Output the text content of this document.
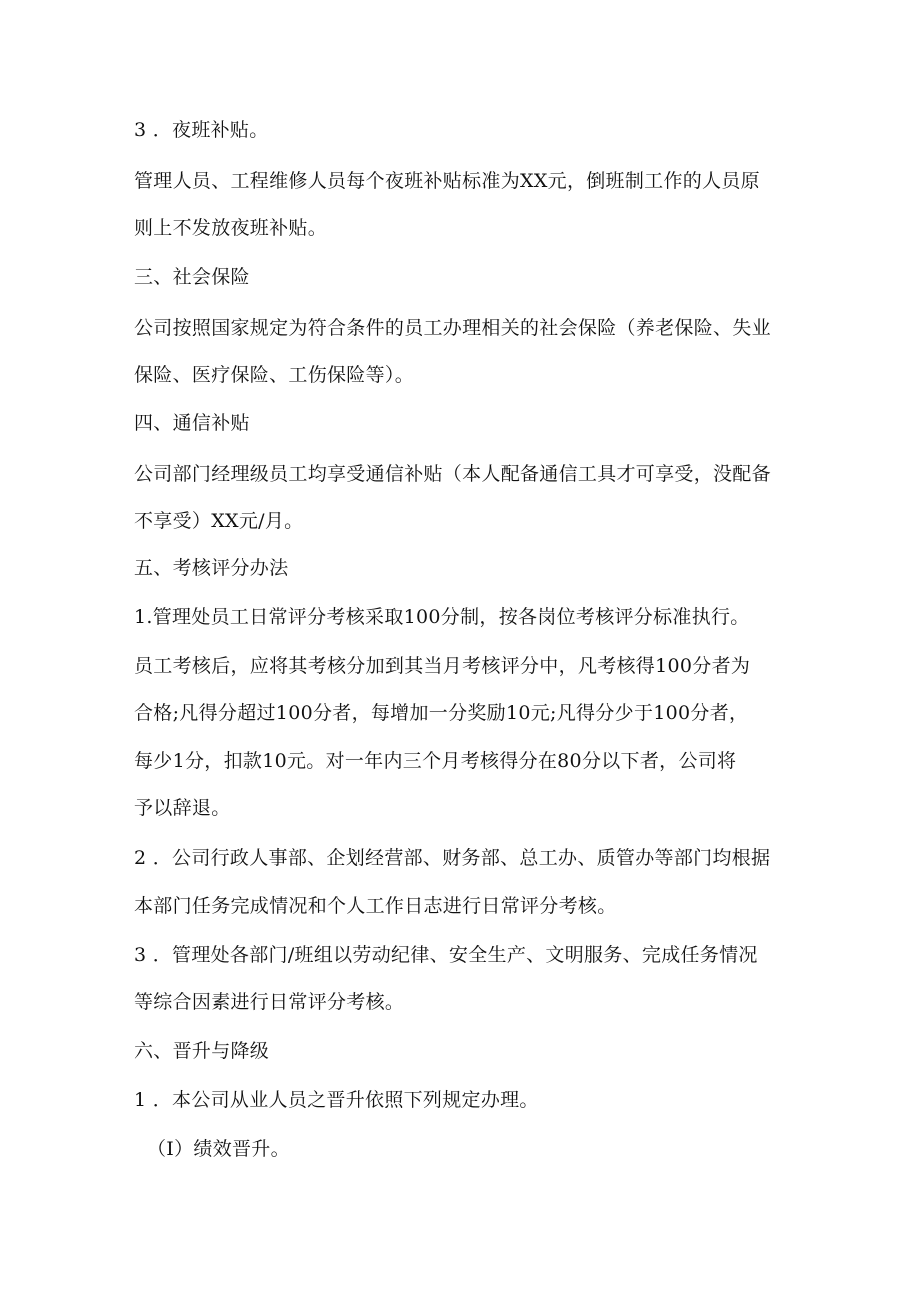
3 ．夜班补贴。
管理人员、工程维修人员每个夜班补贴标准为XX元，倒班制工作的人员原
则上不发放夜班补贴。
三、社会保险
公司按照国家规定为符合条件的员工办理相关的社会保险（养老保险、失业
保险、医疗保险、工伤保险等）。
四、通信补贴
公司部门经理级员工均享受通信补贴（本人配备通信工具才可享受，没配备
不享受）XX元/月。
五、考核评分办法
1.管理处员工日常评分考核采取100分制，按各岗位考核评分标准执行。
员工考核后，应将其考核分加到其当月考核评分中，凡考核得100分者为
合格;凡得分超过100分者，每增加一分奖励10元;凡得分少于100分者，
每少1分，扣款10元。对一年内三个月考核得分在80分以下者，公司将
予以辞退。
2 ．公司行政人事部、企划经营部、财务部、总工办、质管办等部门均根据
本部门任务完成情况和个人工作日志进行日常评分考核。
3 ．管理处各部门/班组以劳动纪律、安全生产、文明服务、完成任务情况
等综合因素进行日常评分考核。
六、晋升与降级
1 ．本公司从业人员之晋升依照下列规定办理。
（I）绩效晋升。
